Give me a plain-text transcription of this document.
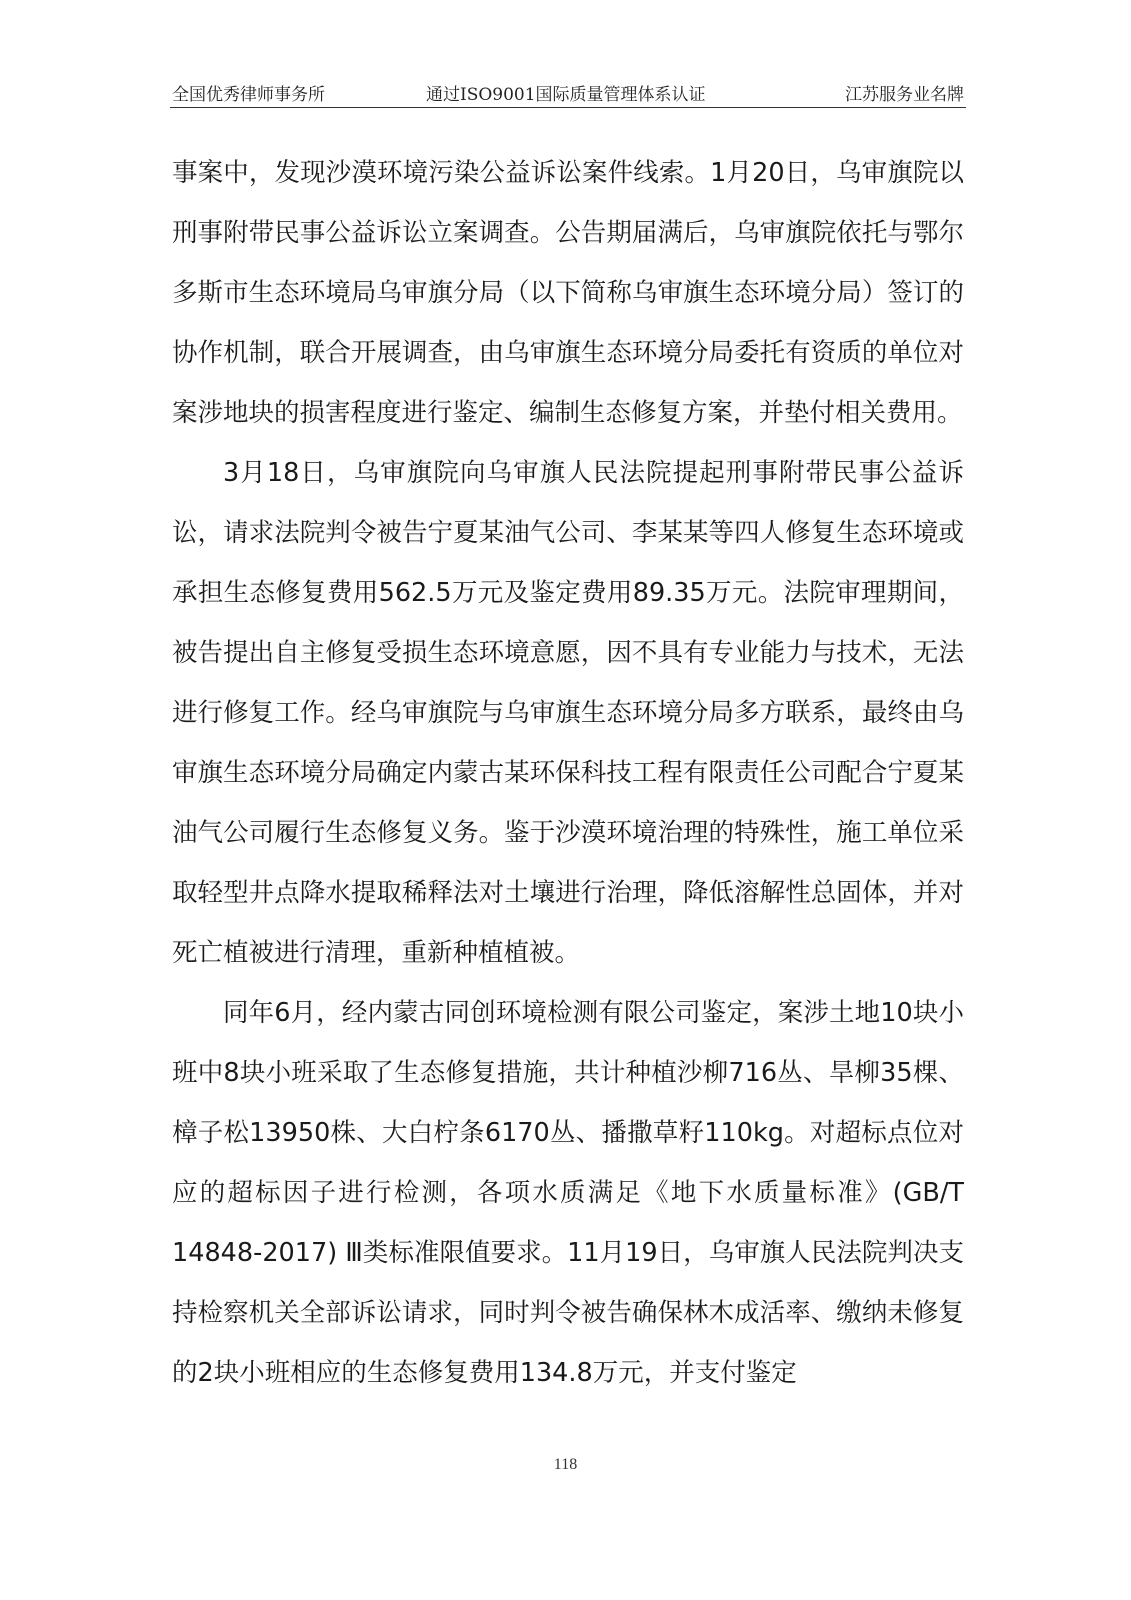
全国优秀律师事务所	通过ISO9001国际质量管理体系认证	江苏服务业名牌

事案中，发现沙漠环境污染公益诉讼案件线索。1月20日，乌审旗院以刑事附带民事公益诉讼立案调查。公告期届满后，乌审旗院依托与鄂尔多斯市生态环境局乌审旗分局（以下简称乌审旗生态环境分局）签订的协作机制，联合开展调查，由乌审旗生态环境分局委托有资质的单位对案涉地块的损害程度进行鉴定、编制生态修复方案，并垫付相关费用。

3月18日，乌审旗院向乌审旗人民法院提起刑事附带民事公益诉讼，请求法院判令被告宁夏某油气公司、李某某等四人修复生态环境或承担生态修复费用562.5万元及鉴定费用89.35万元。法院审理期间，被告提出自主修复受损生态环境意愿，因不具有专业能力与技术，无法进行修复工作。经乌审旗院与乌审旗生态环境分局多方联系，最终由乌审旗生态环境分局确定内蒙古某环保科技工程有限责任公司配合宁夏某油气公司履行生态修复义务。鉴于沙漠环境治理的特殊性，施工单位采取轻型井点降水提取稀释法对土壤进行治理，降低溶解性总固体，并对死亡植被进行清理，重新种植植被。

同年6月，经内蒙古同创环境检测有限公司鉴定，案涉土地10块小班中8块小班采取了生态修复措施，共计种植沙柳716丛、旱柳35棵、樟子松13950株、大白柠条6170丛、播撒草籽110kg。对超标点位对应的超标因子进行检测，各项水质满足《地下水质量标准》(GB/T 14848-2017) Ⅲ类标准限值要求。11月19日，乌审旗人民法院判决支持检察机关全部诉讼请求，同时判令被告确保林木成活率、缴纳未修复的2块小班相应的生态修复费用134.8万元，并支付鉴定

118
